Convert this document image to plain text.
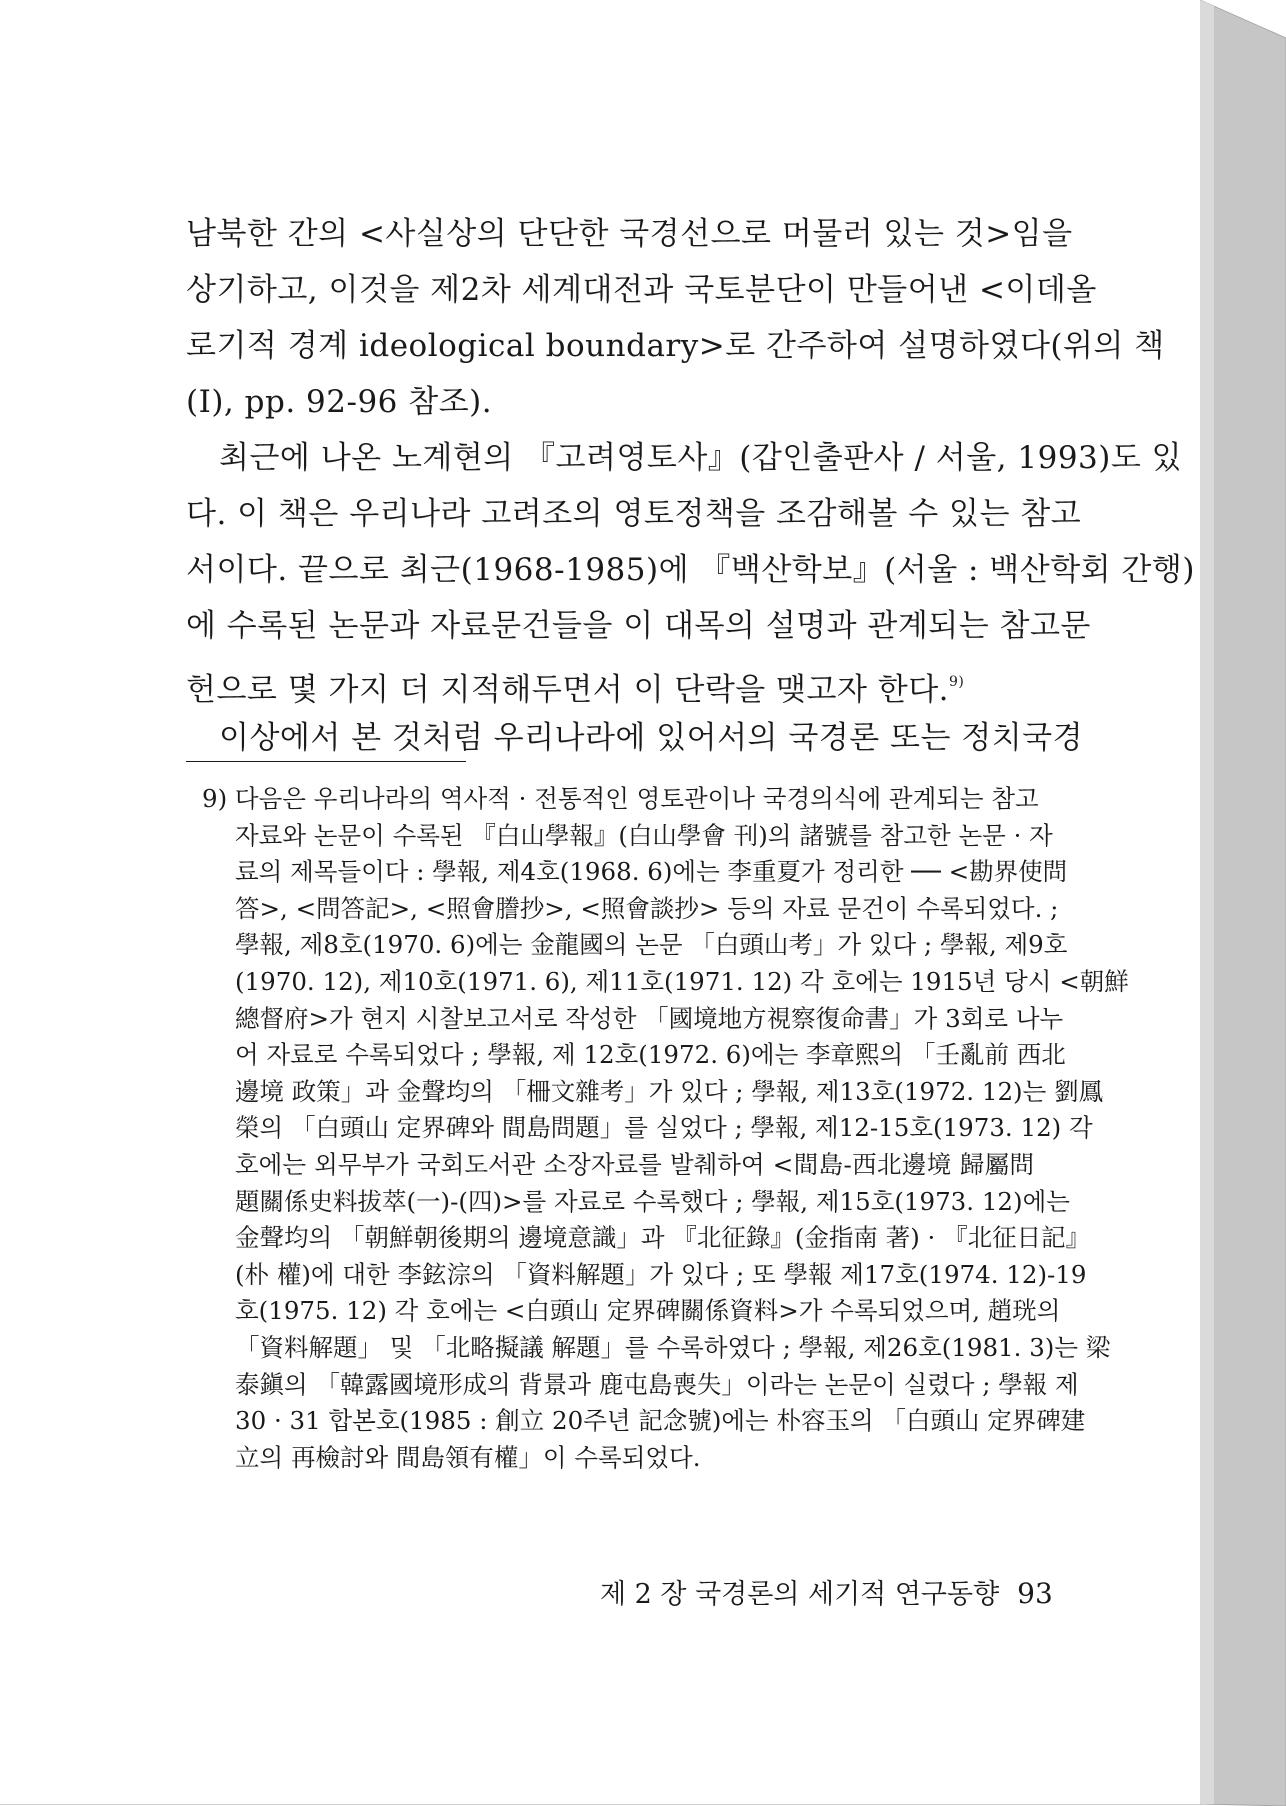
남북한 간의 <사실상의 단단한 국경선으로 머물러 있는 것>임을
상기하고, 이것을 제2차 세계대전과 국토분단이 만들어낸 <이데올
로기적 경계 ideological boundary>로 간주하여 설명하였다(위의 책
(Ⅰ), pp. 92-96 참조).
최근에 나온 노계현의 『고려영토사』(갑인출판사 / 서울, 1993)도 있
다. 이 책은 우리나라 고려조의 영토정책을 조감해볼 수 있는 참고
서이다. 끝으로 최근(1968-1985)에 『백산학보』(서울 : 백산학회 간행)
에 수록된 논문과 자료문건들을 이 대목의 설명과 관계되는 참고문
헌으로 몇 가지 더 지적해두면서 이 단락을 맺고자 한다.$^{9)}$
이상에서 본 것처럼 우리나라에 있어서의 국경론 또는 정치국경
9) 다음은 우리나라의 역사적 · 전통적인 영토관이나 국경의식에 관계되는 참고
자료와 논문이 수록된 『白山學報』(白山學會 刊)의 諸號를 참고한 논문 · 자
료의 제목들이다 : 學報, 제4호(1968. 6)에는 李重夏가 정리한 ── <勘界使問
答>, <問答記>, <照會謄抄>, <照會談抄> 등의 자료 문건이 수록되었다. ;
學報, 제8호(1970. 6)에는 金龍國의 논문 「白頭山考」가 있다 ; 學報, 제9호
(1970. 12), 제10호(1971. 6), 제11호(1971. 12) 각 호에는 1915년 당시 <朝鮮
總督府>가 현지 시찰보고서로 작성한 「國境地方視察復命書」가 3회로 나누
어 자료로 수록되었다 ; 學報, 제 12호(1972. 6)에는 李章熙의 「壬亂前 西北
邊境 政策」과 金聲均의 「柵文雜考」가 있다 ; 學報, 제13호(1972. 12)는 劉鳳
榮의 「白頭山 定界碑와 間島問題」를 실었다 ; 學報, 제12-15호(1973. 12) 각
호에는 외무부가 국회도서관 소장자료를 발췌하여 <間島-西北邊境 歸屬問
題關係史料拔萃(一)-(四)>를 자료로 수록했다 ; 學報, 제15호(1973. 12)에는
金聲均의 「朝鮮朝後期의 邊境意識」과 『北征錄』(金指南 著) · 『北征日記』
(朴 權)에 대한 李鉉淙의 「資料解題」가 있다 ; 또 學報 제17호(1974. 12)-19
호(1975. 12) 각 호에는 <白頭山 定界碑關係資料>가 수록되었으며, 趙珖의
「資料解題」 및 「北略擬議 解題」를 수록하였다 ; 學報, 제26호(1981. 3)는 梁
泰鎭의 「韓露國境形成의 背景과 鹿屯島喪失」이라는 논문이 실렸다 ; 學報 제
30 · 31 합본호(1985 : 創立 20주년 記念號)에는 朴容玉의 「白頭山 定界碑建
立의 再檢討와 間島領有權」이 수록되었다.
제 2 장 국경론의 세기적 연구동향 93
